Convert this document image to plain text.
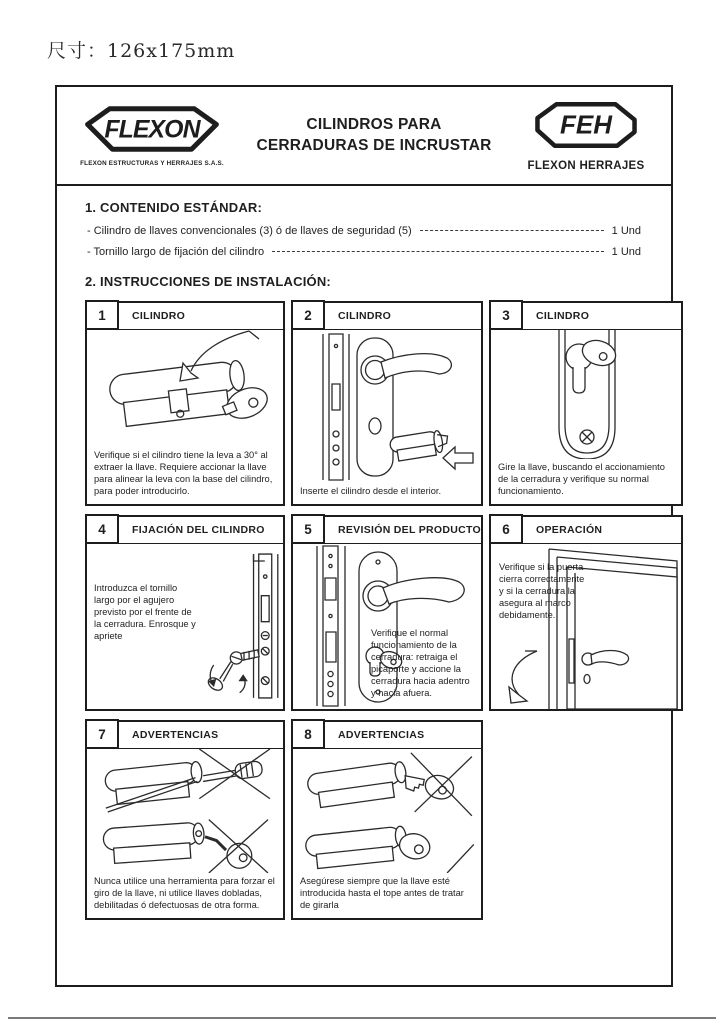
尺寸：126x175mm
FLEXON
FLEXON ESTRUCTURAS Y HERRAJES S.A.S.
CILINDROS PARA
CERRADURAS DE INCRUSTAR
FEH
FLEXON HERRAJES
1. CONTENIDO ESTÁNDAR:
- Cilindro de llaves convencionales (3) ó de llaves de seguridad (5)	1 Und
- Tornillo largo de fijación del cilindro	1 Und
2. INSTRUCCIONES DE INSTALACIÓN:
1	CILINDRO
Verifique si el cilindro tiene la leva a 30° al extraer la llave. Requiere accionar la llave para alinear la leva con la base del cilindro, para poder introducirlo.
2	CILINDRO
Inserte el cilindro desde el interior.
3	CILINDRO
Gire la llave, buscando el accionamiento de la cerradura y verifique su normal funcionamiento.
4	FIJACIÓN DEL CILINDRO
Introduzca el tornillo largo por el agujero previsto por el frente de la cerradura. Enrosque y apriete
5	REVISIÓN DEL PRODUCTO
Verifique el normal funcionamiento de la cerradura: retraiga el picaporte y accione la cerradura hacia adentro y hacia afuera.
6	OPERACIÓN
Verifique si la puerta cierra correctamente y si la cerradura la asegura al marco debidamente.
7	ADVERTENCIAS
Nunca utilice una herramienta para forzar el giro de la llave, ni utilice llaves dobladas, debilitadas ó defectuosas de otra forma.
8	ADVERTENCIAS
Asegúrese siempre que la llave esté introducida hasta el tope antes de tratar de girarla
